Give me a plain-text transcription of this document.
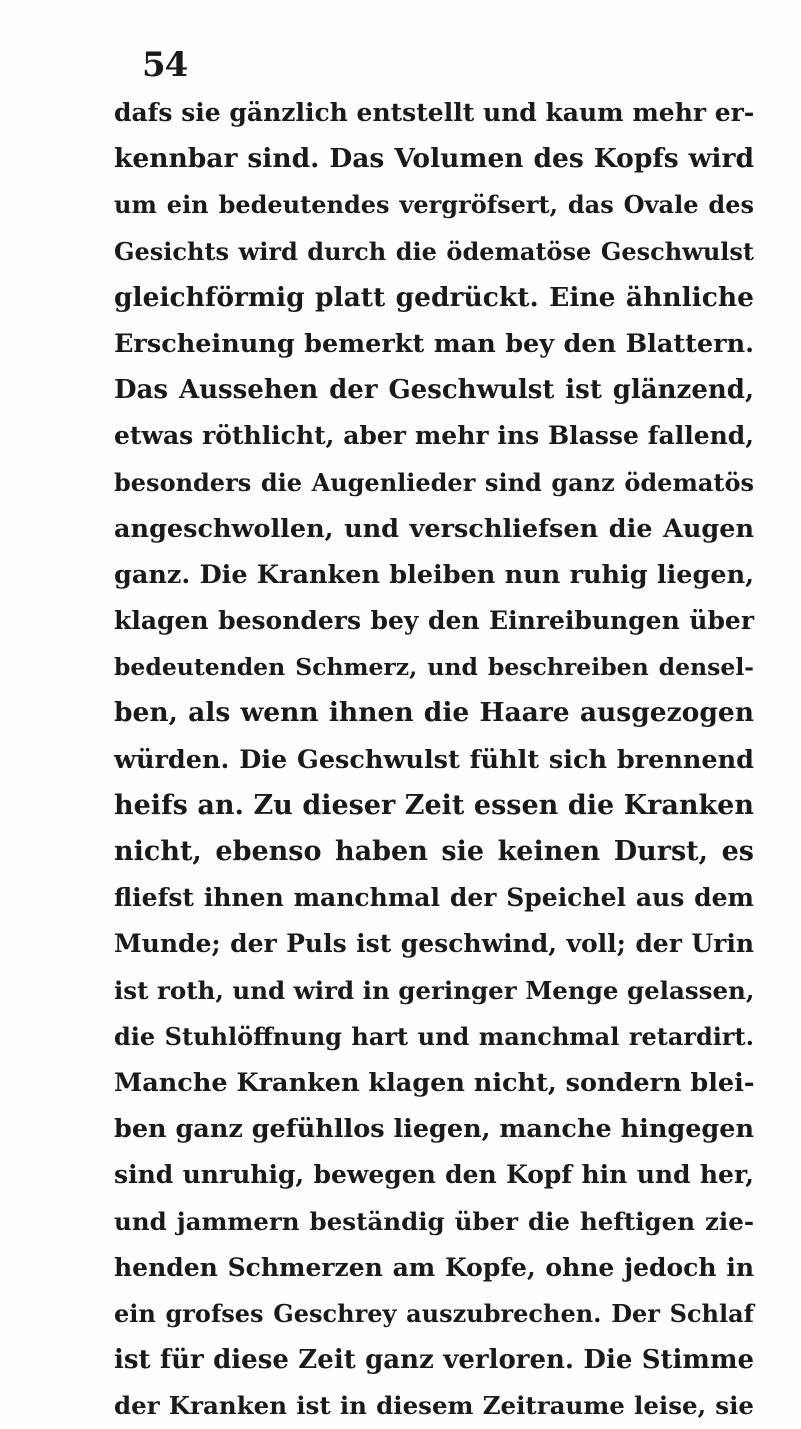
54
dafs sie gänzlich entstellt und kaum mehr er-
kennbar sind. Das Volumen des Kopfs wird
um ein bedeutendes vergröfsert, das Ovale des
Gesichts wird durch die ödematöse Geschwulst
gleichförmig platt gedrückt. Eine ähnliche
Erscheinung bemerkt man bey den Blattern.
Das Aussehen der Geschwulst ist glänzend,
etwas röthlicht, aber mehr ins Blasse fallend,
besonders die Augenlieder sind ganz ödematös
angeschwollen, und verschliefsen die Augen
ganz. Die Kranken bleiben nun ruhig liegen,
klagen besonders bey den Einreibungen über
bedeutenden Schmerz, und beschreiben densel-
ben, als wenn ihnen die Haare ausgezogen
würden. Die Geschwulst fühlt sich brennend
heifs an. Zu dieser Zeit essen die Kranken
nicht, ebenso haben sie keinen Durst, es
fliefst ihnen manchmal der Speichel aus dem
Munde; der Puls ist geschwind, voll; der Urin
ist roth, und wird in geringer Menge gelassen,
die Stuhlöffnung hart und manchmal retardirt.
Manche Kranken klagen nicht, sondern blei-
ben ganz gefühllos liegen, manche hingegen
sind unruhig, bewegen den Kopf hin und her,
und jammern beständig über die heftigen zie-
henden Schmerzen am Kopfe, ohne jedoch in
ein grofses Geschrey auszubrechen. Der Schlaf
ist für diese Zeit ganz verloren. Die Stimme
der Kranken ist in diesem Zeitraume leise, sie
